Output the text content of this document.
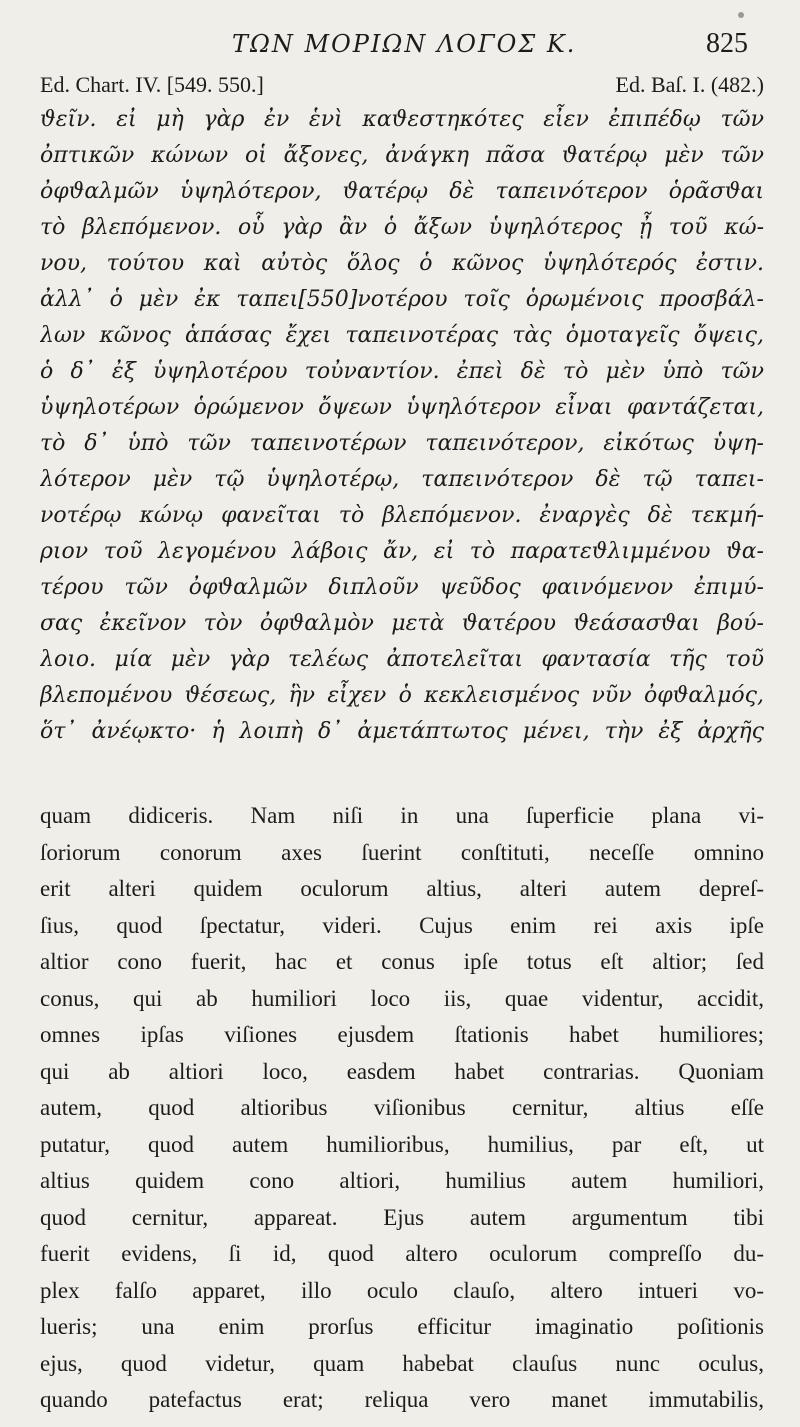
ΤΩΝ ΜΟΡΙΩΝ ΛΟΓΟΣ Κ.	825
Ed. Chart. IV. [549. 550.]	Ed. Baſ. I. (482.)
ϑεῖν. εἰ μὴ γὰρ ἐν ἑνὶ καϑεστηκότες εἶεν ἐπιπέδῳ τῶν
ὀπτικῶν κώνων οἱ ἄξονες, ἀνάγκη πᾶσα ϑατέρῳ μὲν τῶν
ὀφϑαλμῶν ὑψηλότερον, ϑατέρῳ δὲ ταπεινότερον ὁρᾶσϑαι
τὸ βλεπόμενον. οὗ γὰρ ἂν ὁ ἄξων ὑψηλότερος ᾖ τοῦ κώ-
νου, τούτου καὶ αὐτὸς ὅλος ὁ κῶνος ὑψηλότερός ἐστιν.
ἀλλ᾽ ὁ μὲν ἐκ ταπει[550]νοτέρου τοῖς ὁρωμένοις προσβάλ-
λων κῶνος ἁπάσας ἔχει ταπεινοτέρας τὰς ὁμοταγεῖς ὄψεις,
ὁ δ᾽ ἐξ ὑψηλοτέρου τοὐναντίον. ἐπεὶ δὲ τὸ μὲν ὑπὸ τῶν
ὑψηλοτέρων ὁρώμενον ὄψεων ὑψηλότερον εἶναι φαντάζεται,
τὸ δ᾽ ὑπὸ τῶν ταπεινοτέρων ταπεινότερον, εἰκότως ὑψη-
λότερον μὲν τῷ ὑψηλοτέρῳ, ταπεινότερον δὲ τῷ ταπει-
νοτέρῳ κώνῳ φανεῖται τὸ βλεπόμενον. ἐναργὲς δὲ τεκμή-
ριον τοῦ λεγομένου λάβοις ἄν, εἰ τὸ παρατεϑλιμμένου ϑα-
τέρου τῶν ὀφϑαλμῶν διπλοῦν ψεῦδος φαινόμενον ἐπιμύ-
σας ἐκεῖνον τὸν ὀφϑαλμὸν μετὰ ϑατέρου ϑεάσασϑαι βού-
λοιο. μία μὲν γὰρ τελέως ἀποτελεῖται φαντασία τῆς τοῦ
βλεπομένου ϑέσεως, ἣν εἶχεν ὁ κεκλεισμένος νῦν ὀφϑαλμός,
ὅτ᾽ ἀνέῳκτο· ἡ λοιπὴ δ᾽ ἀμετάπτωτος μένει, τὴν ἐξ ἀρχῆς
quam didiceris. Nam niſi in una ſuperficie plana vi-
ſoriorum conorum axes ſuerint conſtituti, neceſſe omnino
erit alteri quidem oculorum altius, alteri autem depreſ-
ſius, quod ſpectatur, videri. Cujus enim rei axis ipſe
altior cono fuerit, hac et conus ipſe totus eſt altior; ſed
conus, qui ab humiliori loco iis, quae videntur, accidit,
omnes ipſas viſiones ejusdem ſtationis habet humiliores;
qui ab altiori loco, easdem habet contrarias. Quoniam
autem, quod altioribus viſionibus cernitur, altius eſſe
putatur, quod autem humilioribus, humilius, par eſt, ut
altius quidem cono altiori, humilius autem humiliori,
quod cernitur, appareat. Ejus autem argumentum tibi
fuerit evidens, ſi id, quod altero oculorum compreſſo du-
plex falſo apparet, illo oculo clauſo, altero intueri vo-
lueris; una enim prorſus efficitur imaginatio poſitionis
ejus, quod videtur, quam habebat clauſus nunc oculus,
quando patefactus erat; reliqua vero manet immutabilis,
